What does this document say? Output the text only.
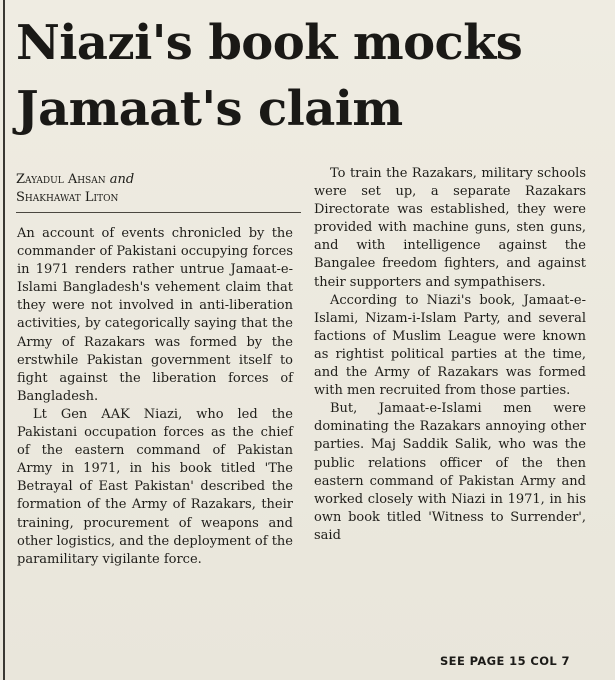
Niazi's book mocks
Jamaat's claim
Zayadul Ahsan and
Shakhawat Liton

An account of events chronicled by the commander of Pakistani occupying forces in 1971 renders rather untrue Jamaat-e-Islami Bangladesh's vehement claim that they were not involved in anti-liberation activities, by categorically saying that the Army of Razakars was formed by the erstwhile Pakistan government itself to fight against the liberation forces of Bangladesh.

Lt Gen AAK Niazi, who led the Pakistani occupation forces as the chief of the eastern command of Pakistan Army in 1971, in his book titled 'The Betrayal of East Pakistan' described the formation of the Army of Razakars, their training, procurement of weapons and other logistics, and the deployment of the paramilitary vigilante force.

To train the Razakars, military schools were set up, a separate Razakars Directorate was established, they were provided with machine guns, sten guns, and with intelligence against the Bangalee freedom fighters, and against their supporters and sympathisers.

According to Niazi's book, Jamaat-e-Islami, Nizam-i-Islam Party, and several factions of Muslim League were known as rightist political parties at the time, and the Army of Razakars was formed with men recruited from those parties.

But, Jamaat-e-Islami men were dominating the Razakars annoying other parties. Maj Saddik Salik, who was the public relations officer of the then eastern command of Pakistan Army and worked closely with Niazi in 1971, in his own book titled 'Witness to Surrender', said

SEE PAGE 15 COL 7
